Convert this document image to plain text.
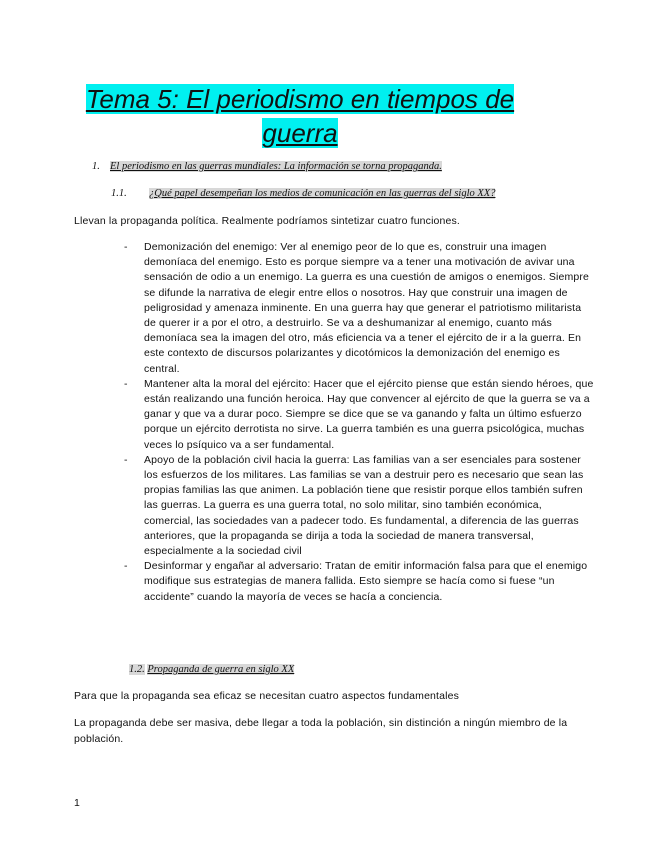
Tema 5: El periodismo en tiempos de guerra
1. El periodismo en las guerras mundiales: La información se torna propaganda.
1.1. ¿Qué papel desempeñan los medios de comunicación en las guerras del siglo XX?
Llevan la propaganda política. Realmente podríamos sintetizar cuatro funciones.
- Demonización del enemigo: Ver al enemigo peor de lo que es, construir una imagen demoníaca del enemigo. Esto es porque siempre va a tener una motivación de avivar una sensación de odio a un enemigo. La guerra es una cuestión de amigos o enemigos. Siempre se difunde la narrativa de elegir entre ellos o nosotros. Hay que construir una imagen de peligrosidad y amenaza inminente. En una guerra hay que generar el patriotismo militarista de querer ir a por el otro, a destruirlo. Se va a deshumanizar al enemigo, cuanto más demoníaca sea la imagen del otro, más eficiencia va a tener el ejército de ir a la guerra. En este contexto de discursos polarizantes y dicotómicos la demonización del enemigo es central.
- Mantener alta la moral del ejército: Hacer que el ejército piense que están siendo héroes, que están realizando una función heroica. Hay que convencer al ejército de que la guerra se va a ganar y que va a durar poco. Siempre se dice que se va ganando y falta un último esfuerzo porque un ejército derrotista no sirve. La guerra también es una guerra psicológica, muchas veces lo psíquico va a ser fundamental.
- Apoyo de la población civil hacia la guerra: Las familias van a ser esenciales para sostener los esfuerzos de los militares. Las familias se van a destruir pero es necesario que sean las propias familias las que animen. La población tiene que resistir porque ellos también sufren las guerras. La guerra es una guerra total, no solo militar, sino también económica, comercial, las sociedades van a padecer todo. Es fundamental, a diferencia de las guerras anteriores, que la propaganda se dirija a toda la sociedad de manera transversal, especialmente a la sociedad civil
- Desinformar y engañar al adversario: Tratan de emitir información falsa para que el enemigo modifique sus estrategias de manera fallida. Esto siempre se hacía como si fuese “un accidente” cuando la mayoría de veces se hacía a conciencia.
1.2. Propaganda de guerra en siglo XX
Para que la propaganda sea eficaz se necesitan cuatro aspectos fundamentales
La propaganda debe ser masiva, debe llegar a toda la población, sin distinción a ningún miembro de la población.
1
